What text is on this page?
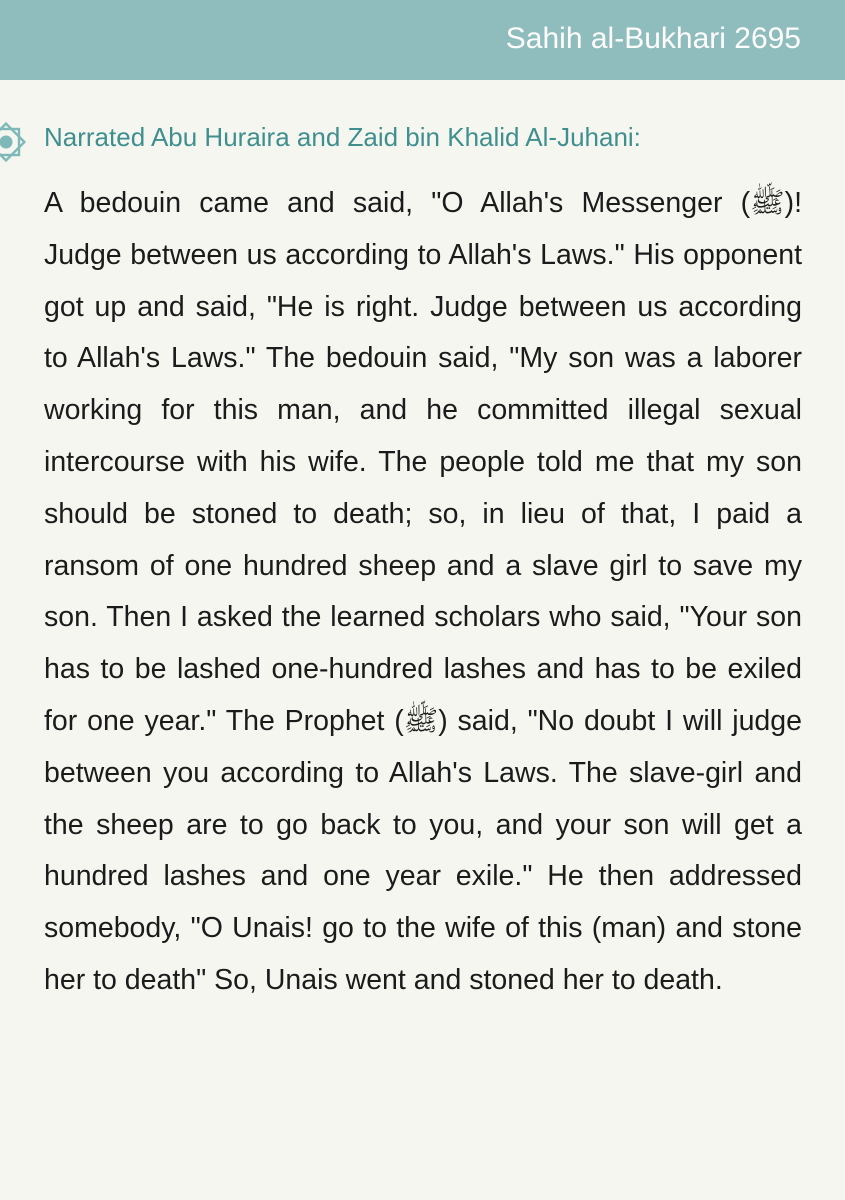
Sahih al-Bukhari 2695
Narrated Abu Huraira and Zaid bin Khalid Al-Juhani:

A bedouin came and said, "O Allah's Messenger (ﷺ)! Judge between us according to Allah's Laws." His opponent got up and said, "He is right. Judge between us according to Allah's Laws." The bedouin said, "My son was a laborer working for this man, and he committed illegal sexual intercourse with his wife. The people told me that my son should be stoned to death; so, in lieu of that, I paid a ransom of one hundred sheep and a slave girl to save my son. Then I asked the learned scholars who said, "Your son has to be lashed one-hundred lashes and has to be exiled for one year." The Prophet (ﷺ) said, "No doubt I will judge between you according to Allah's Laws. The slave-girl and the sheep are to go back to you, and your son will get a hundred lashes and one year exile." He then addressed somebody, "O Unais! go to the wife of this (man) and stone her to death" So, Unais went and stoned her to death.
